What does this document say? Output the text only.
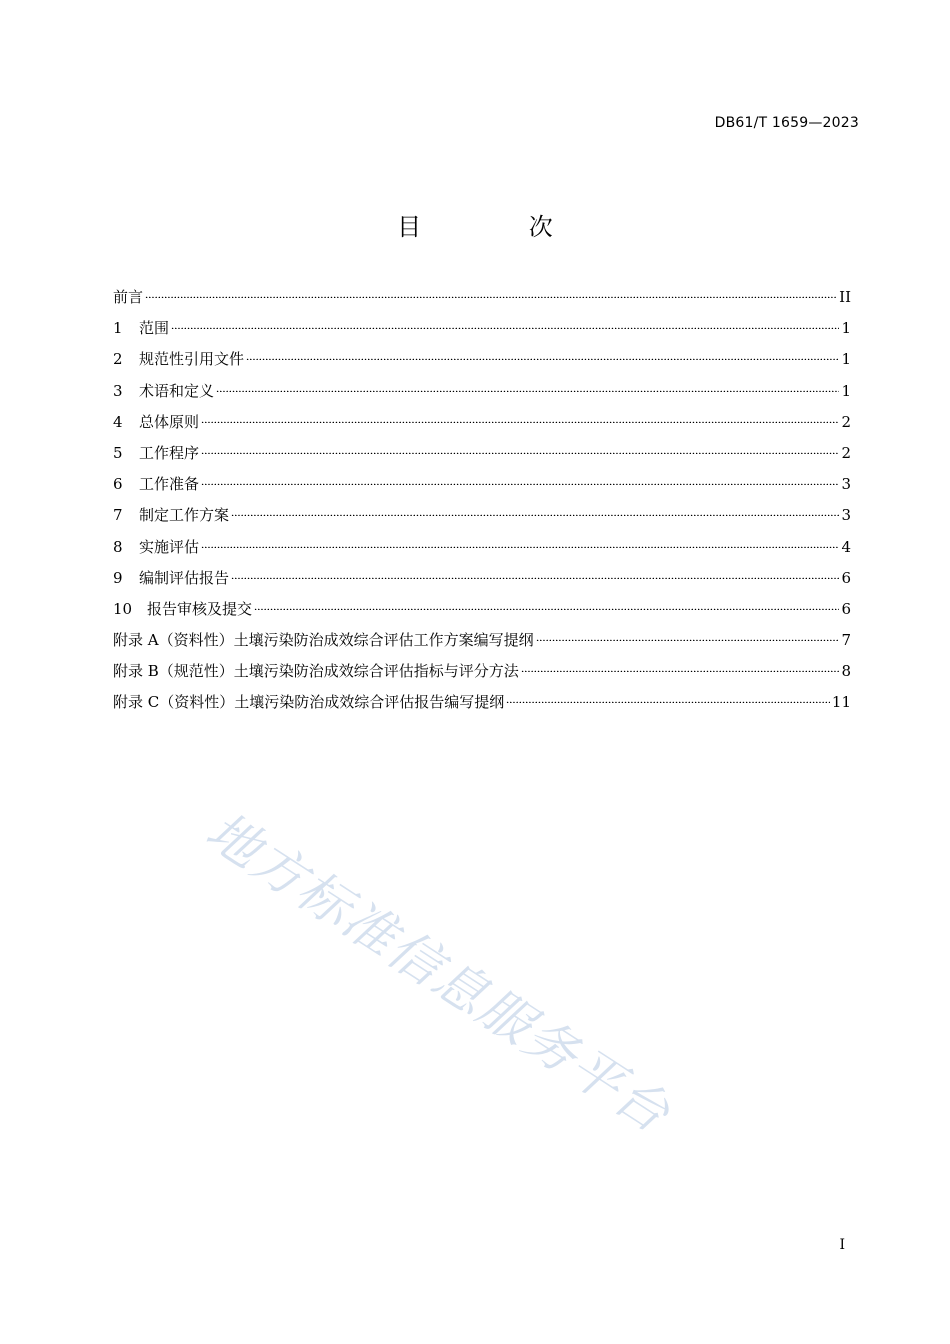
DB61/T 1659—2023
目 次
前言	II
1	范围	1
2	规范性引用文件	1
3	术语和定义	1
4	总体原则	2
5	工作程序	2
6	工作准备	3
7	制定工作方案	3
8	实施评估	4
9	编制评估报告	6
10 报告审核及提交	6
附录 A（资料性）土壤污染防治成效综合评估工作方案编写提纲	7
附录 B（规范性）土壤污染防治成效综合评估指标与评分方法	8
附录 C（资料性）土壤污染防治成效综合评估报告编写提纲	11
地方标准信息服务平台
I
